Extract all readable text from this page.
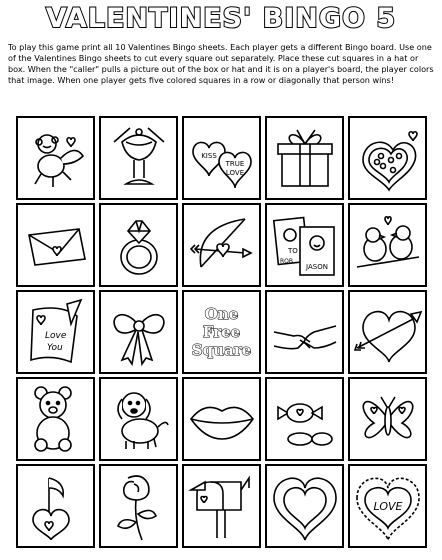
VALENTINES' BINGO 5
To play this game print all 10 Valentines Bingo sheets. Each player gets a different Bingo board. Use one of the Valentines Bingo sheets to cut every square out separately. Place these cut squares in a hat or box. When the "caller" pulls a picture out of the box or hat and it is on a player's board, the player colors that image. When one player gets five colored squares in a row or diagonally that person wins!
KISS
TRUE
LOVE
TO
ROB
JASON
Love
You
One
Free
Square
LOVE
